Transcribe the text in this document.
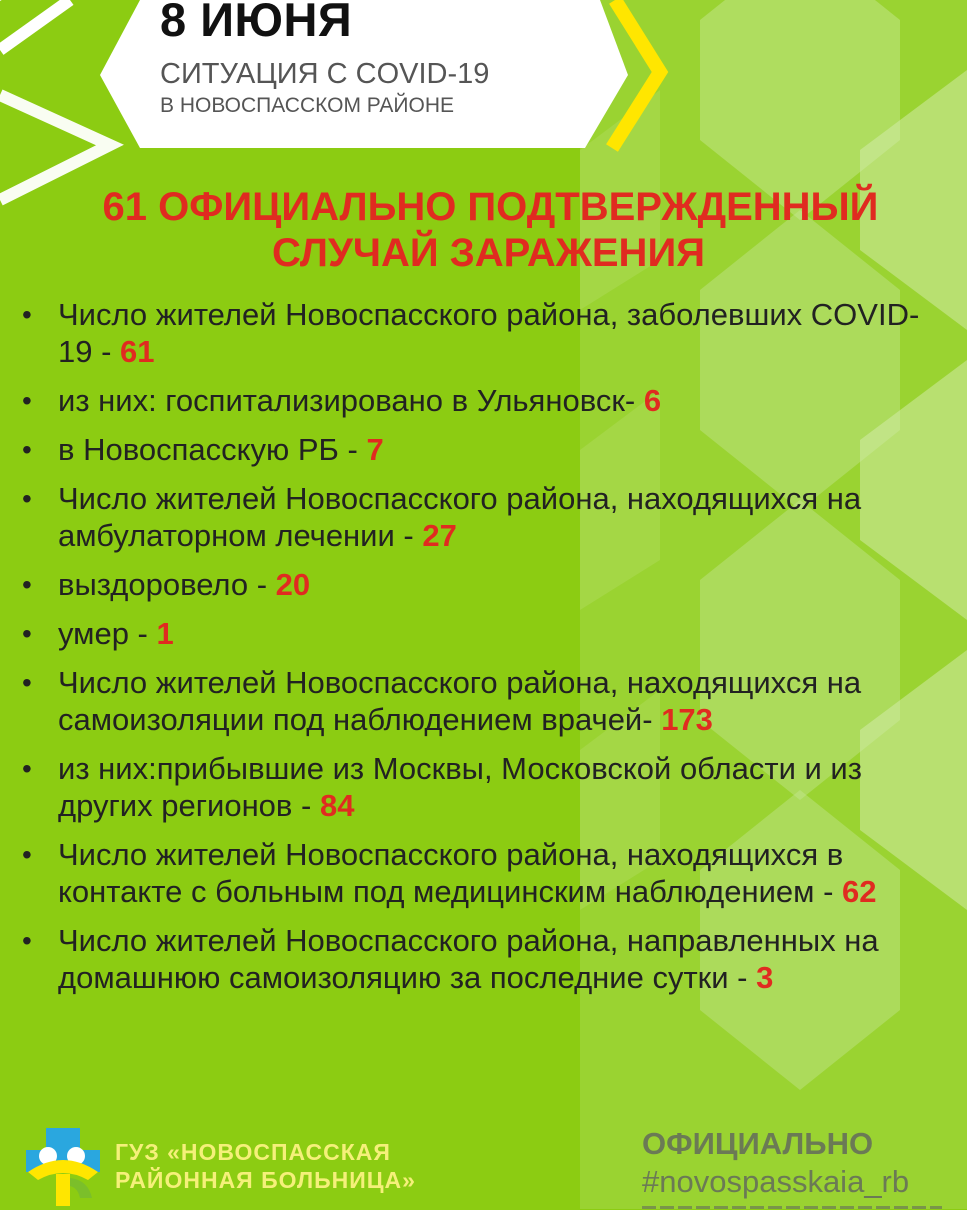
8 ИЮНЯ
СИТУАЦИЯ С COVID-19
В НОВОСПАССКОМ РАЙОНЕ
61 ОФИЦИАЛЬНО ПОДТВЕРЖДЕННЫЙ
СЛУЧАЙ ЗАРАЖЕНИЯ
• Число жителей Новоспасского района, заболевших COVID-19 - 61
• из них: госпитализировано в Ульяновск- 6
• в Новоспасскую РБ - 7
• Число жителей Новоспасского района, находящихся на амбулаторном лечении - 27
• выздоровело - 20
• умер - 1
• Число жителей Новоспасского района, находящихся на самоизоляции под наблюдением врачей- 173
• из них:прибывшие из Москвы, Московской области и из других регионов - 84
• Число жителей Новоспасского района, находящихся в контакте с больным под медицинским наблюдением - 62
• Число жителей Новоспасского района, направленных на домашнюю самоизоляцию за последние сутки - 3
ГУЗ «НОВОСПАССКАЯ
РАЙОННАЯ БОЛЬНИЦА»
ОФИЦИАЛЬНО
#novospasskaia_rb
